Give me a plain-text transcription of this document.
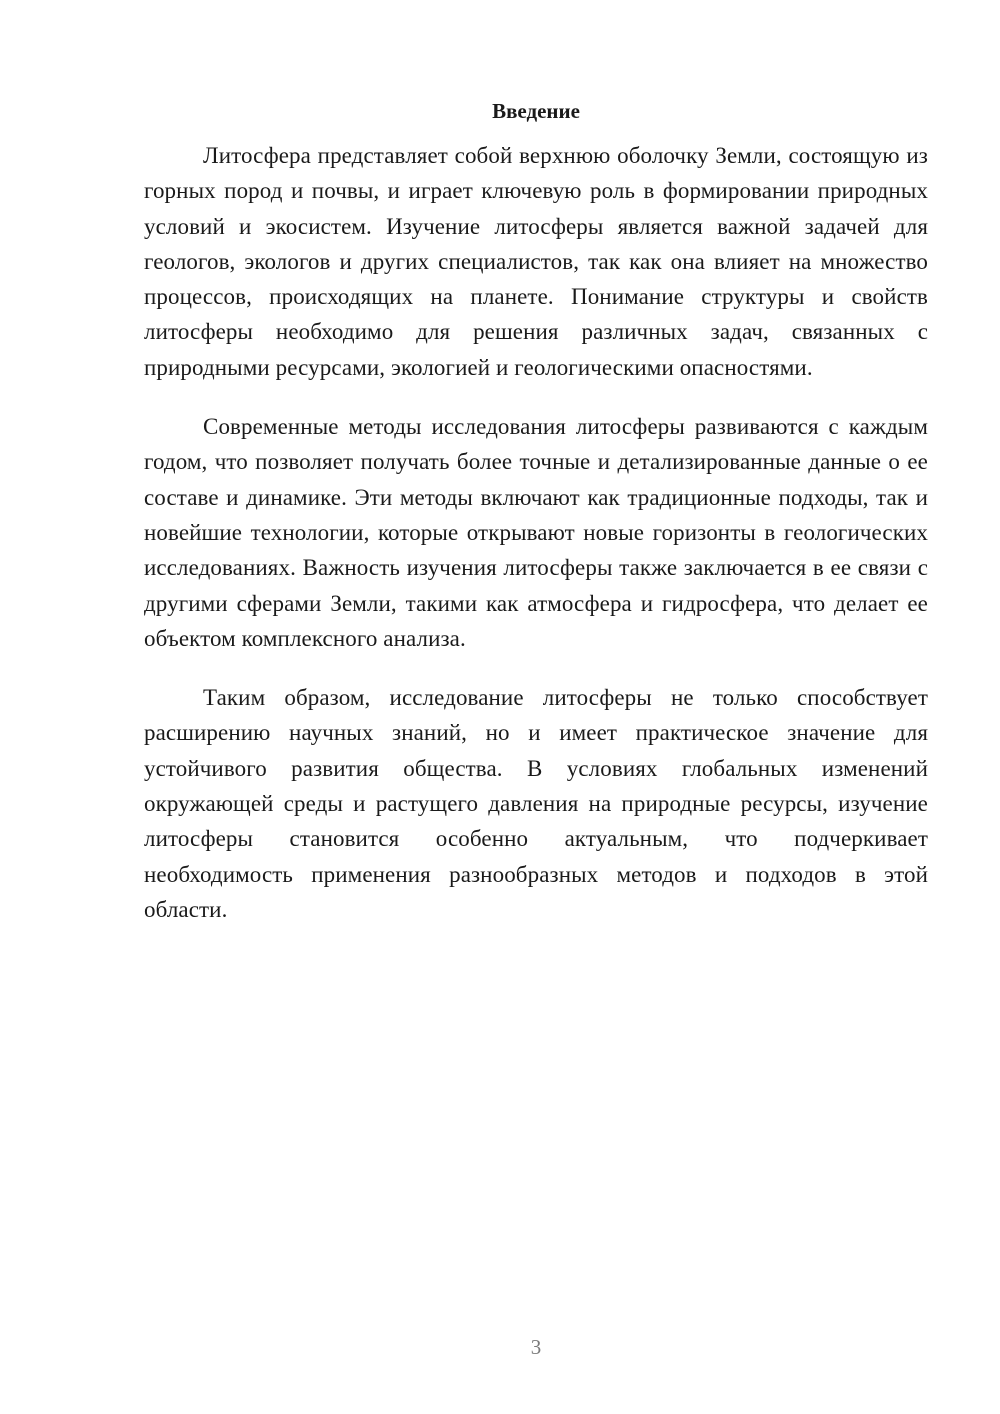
Введение

Литосфера представляет собой верхнюю оболочку Земли, состоящую из горных пород и почвы, и играет ключевую роль в формировании природных условий и экосистем. Изучение литосферы является важной задачей для геологов, экологов и других специалистов, так как она влияет на множество процессов, происходящих на планете. Понимание структуры и свойств литосферы необходимо для решения различных задач, связанных с природными ресурсами, экологией и геологическими опасностями.

Современные методы исследования литосферы развиваются с каждым годом, что позволяет получать более точные и детализированные данные о ее составе и динамике. Эти методы включают как традиционные подходы, так и новейшие технологии, которые открывают новые горизонты в геологических исследованиях. Важность изучения литосферы также заключается в ее связи с другими сферами Земли, такими как атмосфера и гидросфера, что делает ее объектом комплексного анализа.

Таким образом, исследование литосферы не только способствует расширению научных знаний, но и имеет практическое значение для устойчивого развития общества. В условиях глобальных изменений окружающей среды и растущего давления на природные ресурсы, изучение литосферы становится особенно актуальным, что подчеркивает необходимость применения разнообразных методов и подходов в этой области.

3
